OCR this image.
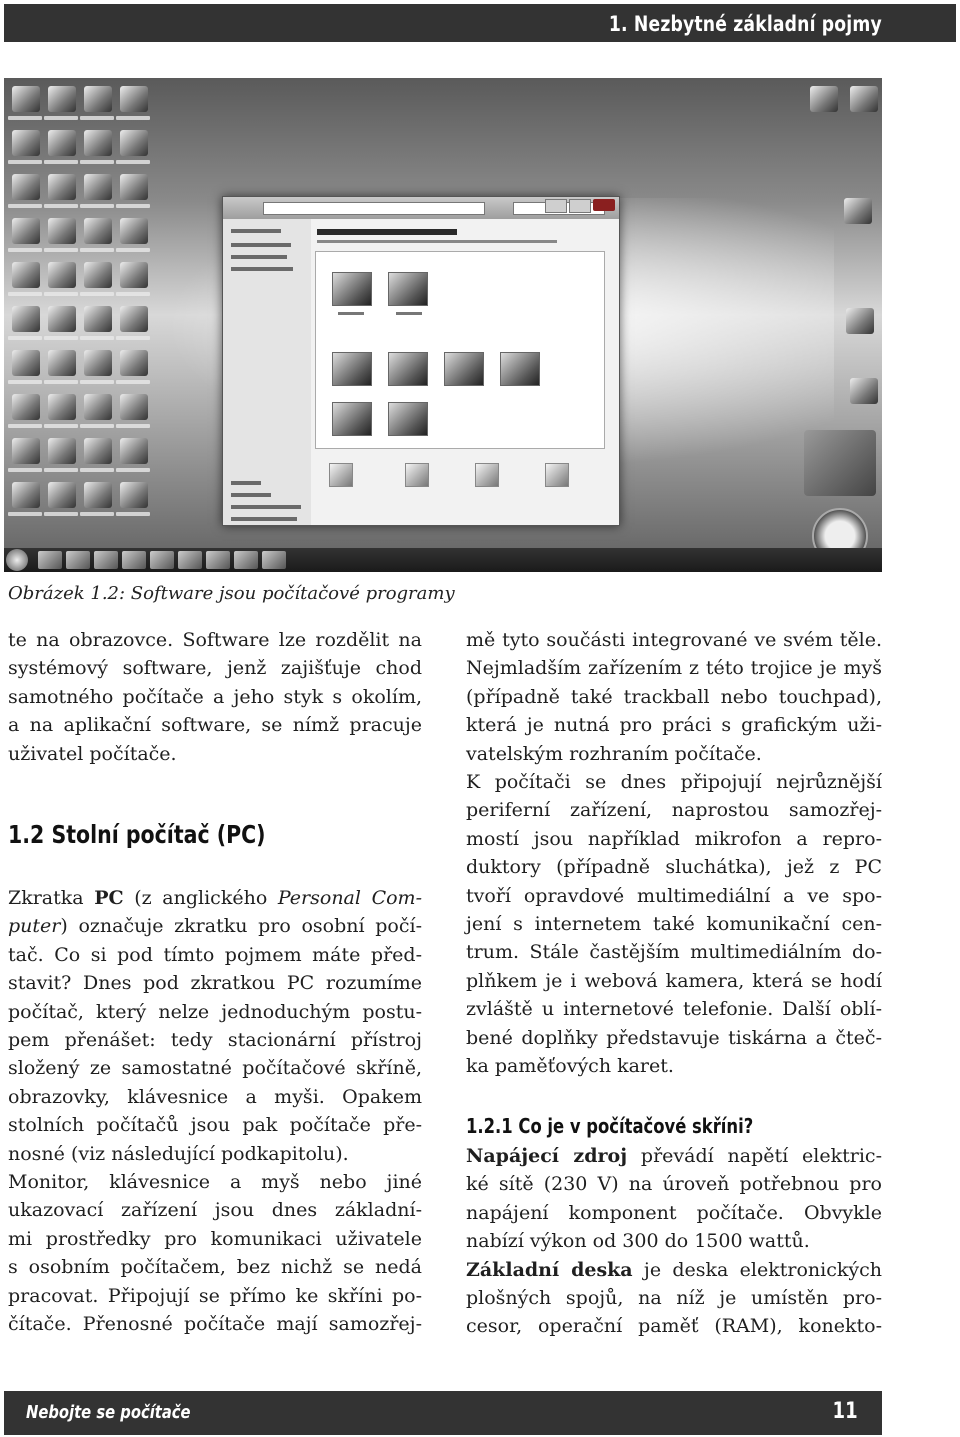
1. Nezbytné základní pojmy
Obrázek 1.2: Software jsou počítačové programy

te na obrazovce. Software lze rozdělit na

systémový software, jenž zajišťuje chod

samotného počítače a jeho styk s okolím,

a na aplikační software, se nímž pracuje

uživatel počítače.

1.2 Stolní počítač (PC)

Zkratka PC (z anglického Personal Com-

puter) označuje zkratku pro osobní počí-

tač. Co si pod tímto pojmem máte před-

stavit? Dnes pod zkratkou PC rozumíme

počítač, který nelze jednoduchým postu-

pem přenášet: tedy stacionární přístroj

složený ze samostatné počítačové skříně,

obrazovky, klávesnice a myši. Opakem

stolních počítačů jsou pak počítače pře-

nosné (viz následující podkapitolu).

Monitor, klávesnice a myš nebo jiné

ukazovací zařízení jsou dnes základní-

mi prostředky pro komunikaci uživatele

s osobním počítačem, bez nichž se nedá

pracovat. Připojují se přímo ke skříni po-

čítače. Přenosné počítače mají samozřej-

mě tyto součásti integrované ve svém těle.

Nejmladším zařízením z této trojice je myš

(případně také trackball nebo touchpad),

která je nutná pro práci s grafickým uži-

vatelským rozhraním počítače.

K počítači se dnes připojují nejrůznější

periferní zařízení, naprostou samozřej-

mostí jsou například mikrofon a repro-

duktory (případně sluchátka), jež z PC

tvoří opravdové multimediální a ve spo-

jení s internetem také komunikační cen-

trum. Stále častějším multimediálním do-

plňkem je i webová kamera, která se hodí

zvláště u internetové telefonie. Další oblí-

bené doplňky představuje tiskárna a čteč-

ka paměťových karet.

1.2.1 Co je v počítačové skříni?

Napájecí zdroj převádí napětí elektric-

ké sítě (230 V) na úroveň potřebnou pro

napájení komponent počítače. Obvykle

nabízí výkon od 300 do 1500 wattů.

Základní deska je deska elektronických

plošných spojů, na níž je umístěn pro-

cesor, operační paměť (RAM), konekto-

Nebojte se počítače	11
